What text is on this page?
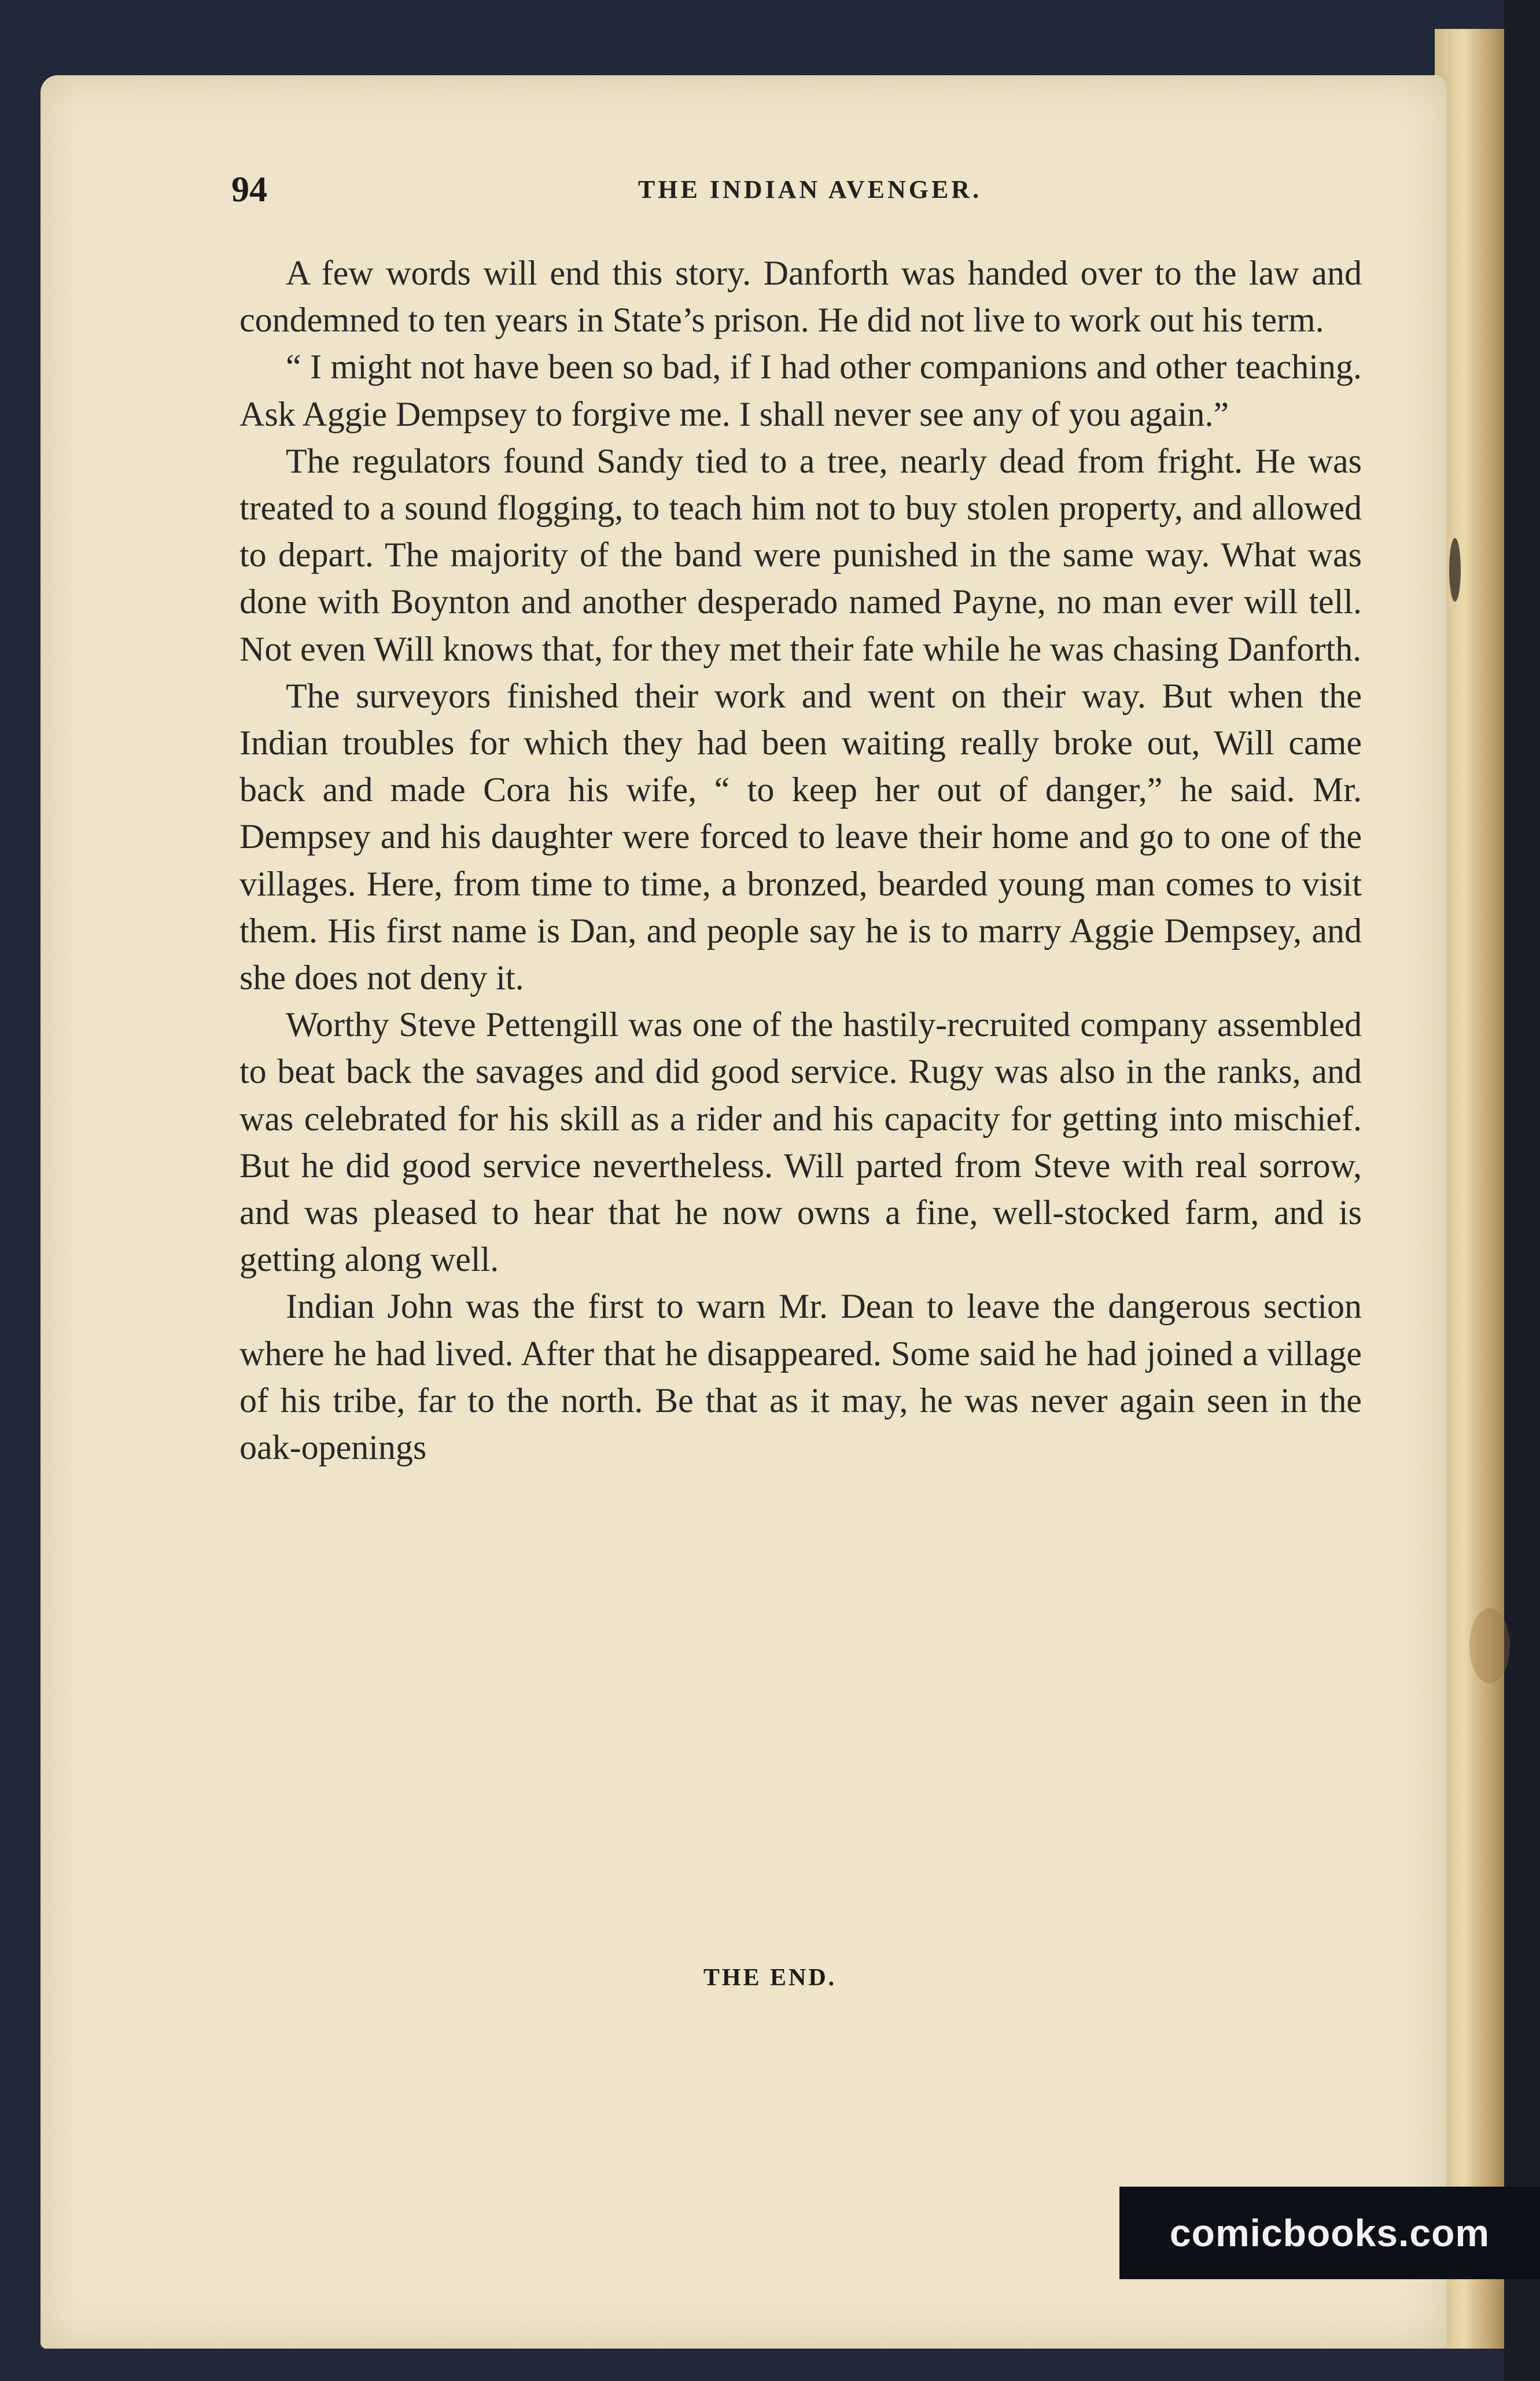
94	THE INDIAN AVENGER.

A few words will end this story. Danforth was handed over to the law and condemned to ten years in State’s prison. He did not live to work out his term.

“ I might not have been so bad, if I had other companions and other teaching. Ask Aggie Dempsey to forgive me. I shall never see any of you again.”

The regulators found Sandy tied to a tree, nearly dead from fright. He was treated to a sound flogging, to teach him not to buy stolen property, and allowed to depart. The majority of the band were punished in the same way. What was done with Boynton and another desperado named Payne, no man ever will tell. Not even Will knows that, for they met their fate while he was chasing Danforth.

The surveyors finished their work and went on their way. But when the Indian troubles for which they had been waiting really broke out, Will came back and made Cora his wife, “ to keep her out of danger,” he said. Mr. Dempsey and his daughter were forced to leave their home and go to one of the villages. Here, from time to time, a bronzed, bearded young man comes to visit them. His first name is Dan, and people say he is to marry Aggie Dempsey, and she does not deny it.

Worthy Steve Pettengill was one of the hastily-recruited company assembled to beat back the savages and did good service. Rugy was also in the ranks, and was celebrated for his skill as a rider and his capacity for getting into mischief. But he did good service nevertheless. Will parted from Steve with real sorrow, and was pleased to hear that he now owns a fine, well-stocked farm, and is getting along well.

Indian John was the first to warn Mr. Dean to leave the dangerous section where he had lived. After that he disappeared. Some said he had joined a village of his tribe, far to the north. Be that as it may, he was never again seen in the oak-openings

THE END.
comicbooks.com
